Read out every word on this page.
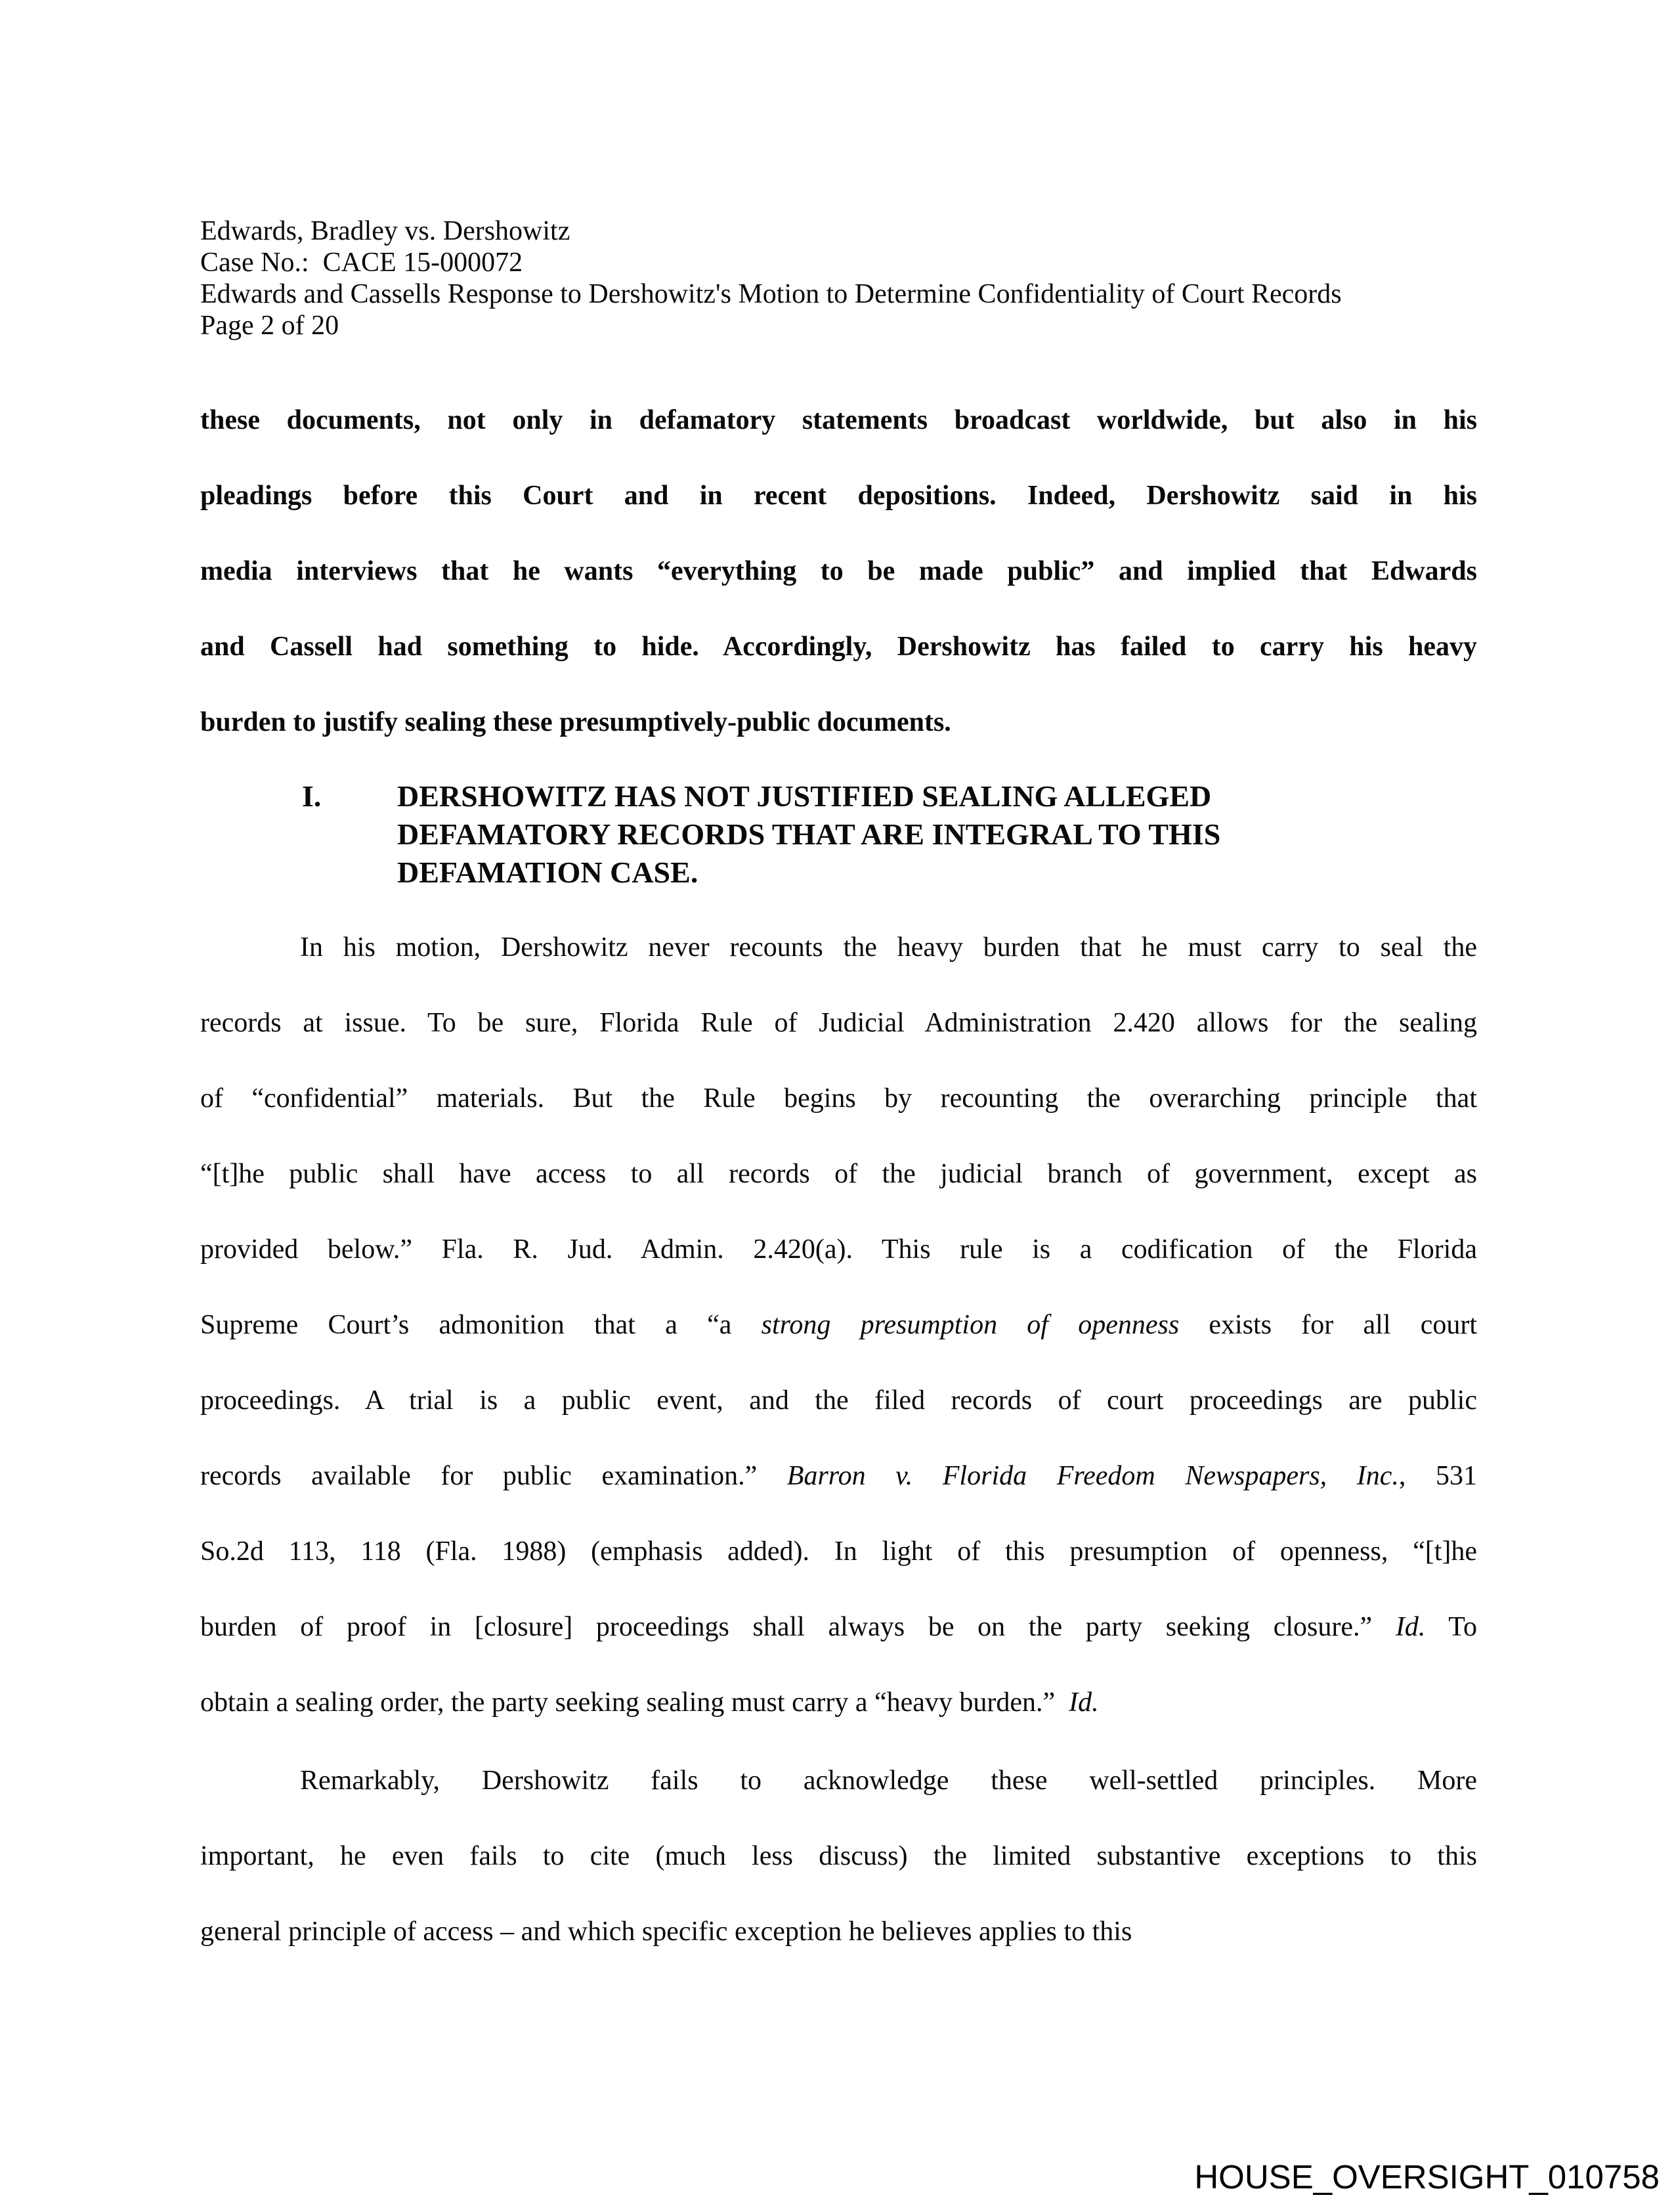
Edwards, Bradley vs. Dershowitz
Case No.:  CACE 15-000072
Edwards and Cassells Response to Dershowitz's Motion to Determine Confidentiality of Court Records
Page 2 of 20
these documents, not only in defamatory statements broadcast worldwide, but also in his
pleadings before this Court and in recent depositions. Indeed, Dershowitz said in his
media interviews that he wants “everything to be made public” and implied that Edwards
and Cassell had something to hide. Accordingly, Dershowitz has failed to carry his heavy
burden to justify sealing these presumptively-public documents.
I.	DERSHOWITZ HAS NOT JUSTIFIED SEALING ALLEGED
DEFAMATORY RECORDS THAT ARE INTEGRAL TO THIS
DEFAMATION CASE.
In his motion, Dershowitz never recounts the heavy burden that he must carry to seal the
records at issue. To be sure, Florida Rule of Judicial Administration 2.420 allows for the sealing
of “confidential” materials. But the Rule begins by recounting the overarching principle that
“[t]he public shall have access to all records of the judicial branch of government, except as
provided below.” Fla. R. Jud. Admin. 2.420(a). This rule is a codification of the Florida
Supreme Court’s admonition that a “a strong presumption of openness exists for all court
proceedings. A trial is a public event, and the filed records of court proceedings are public
records available for public examination.” Barron v. Florida Freedom Newspapers, Inc., 531
So.2d 113, 118 (Fla. 1988) (emphasis added). In light of this presumption of openness, “[t]he
burden of proof in [closure] proceedings shall always be on the party seeking closure.” Id. To
obtain a sealing order, the party seeking sealing must carry a “heavy burden.”  Id.
Remarkably, Dershowitz fails to acknowledge these well-settled principles. More
important, he even fails to cite (much less discuss) the limited substantive exceptions to this
general principle of access – and which specific exception he believes applies to this
HOUSE_OVERSIGHT_010758
